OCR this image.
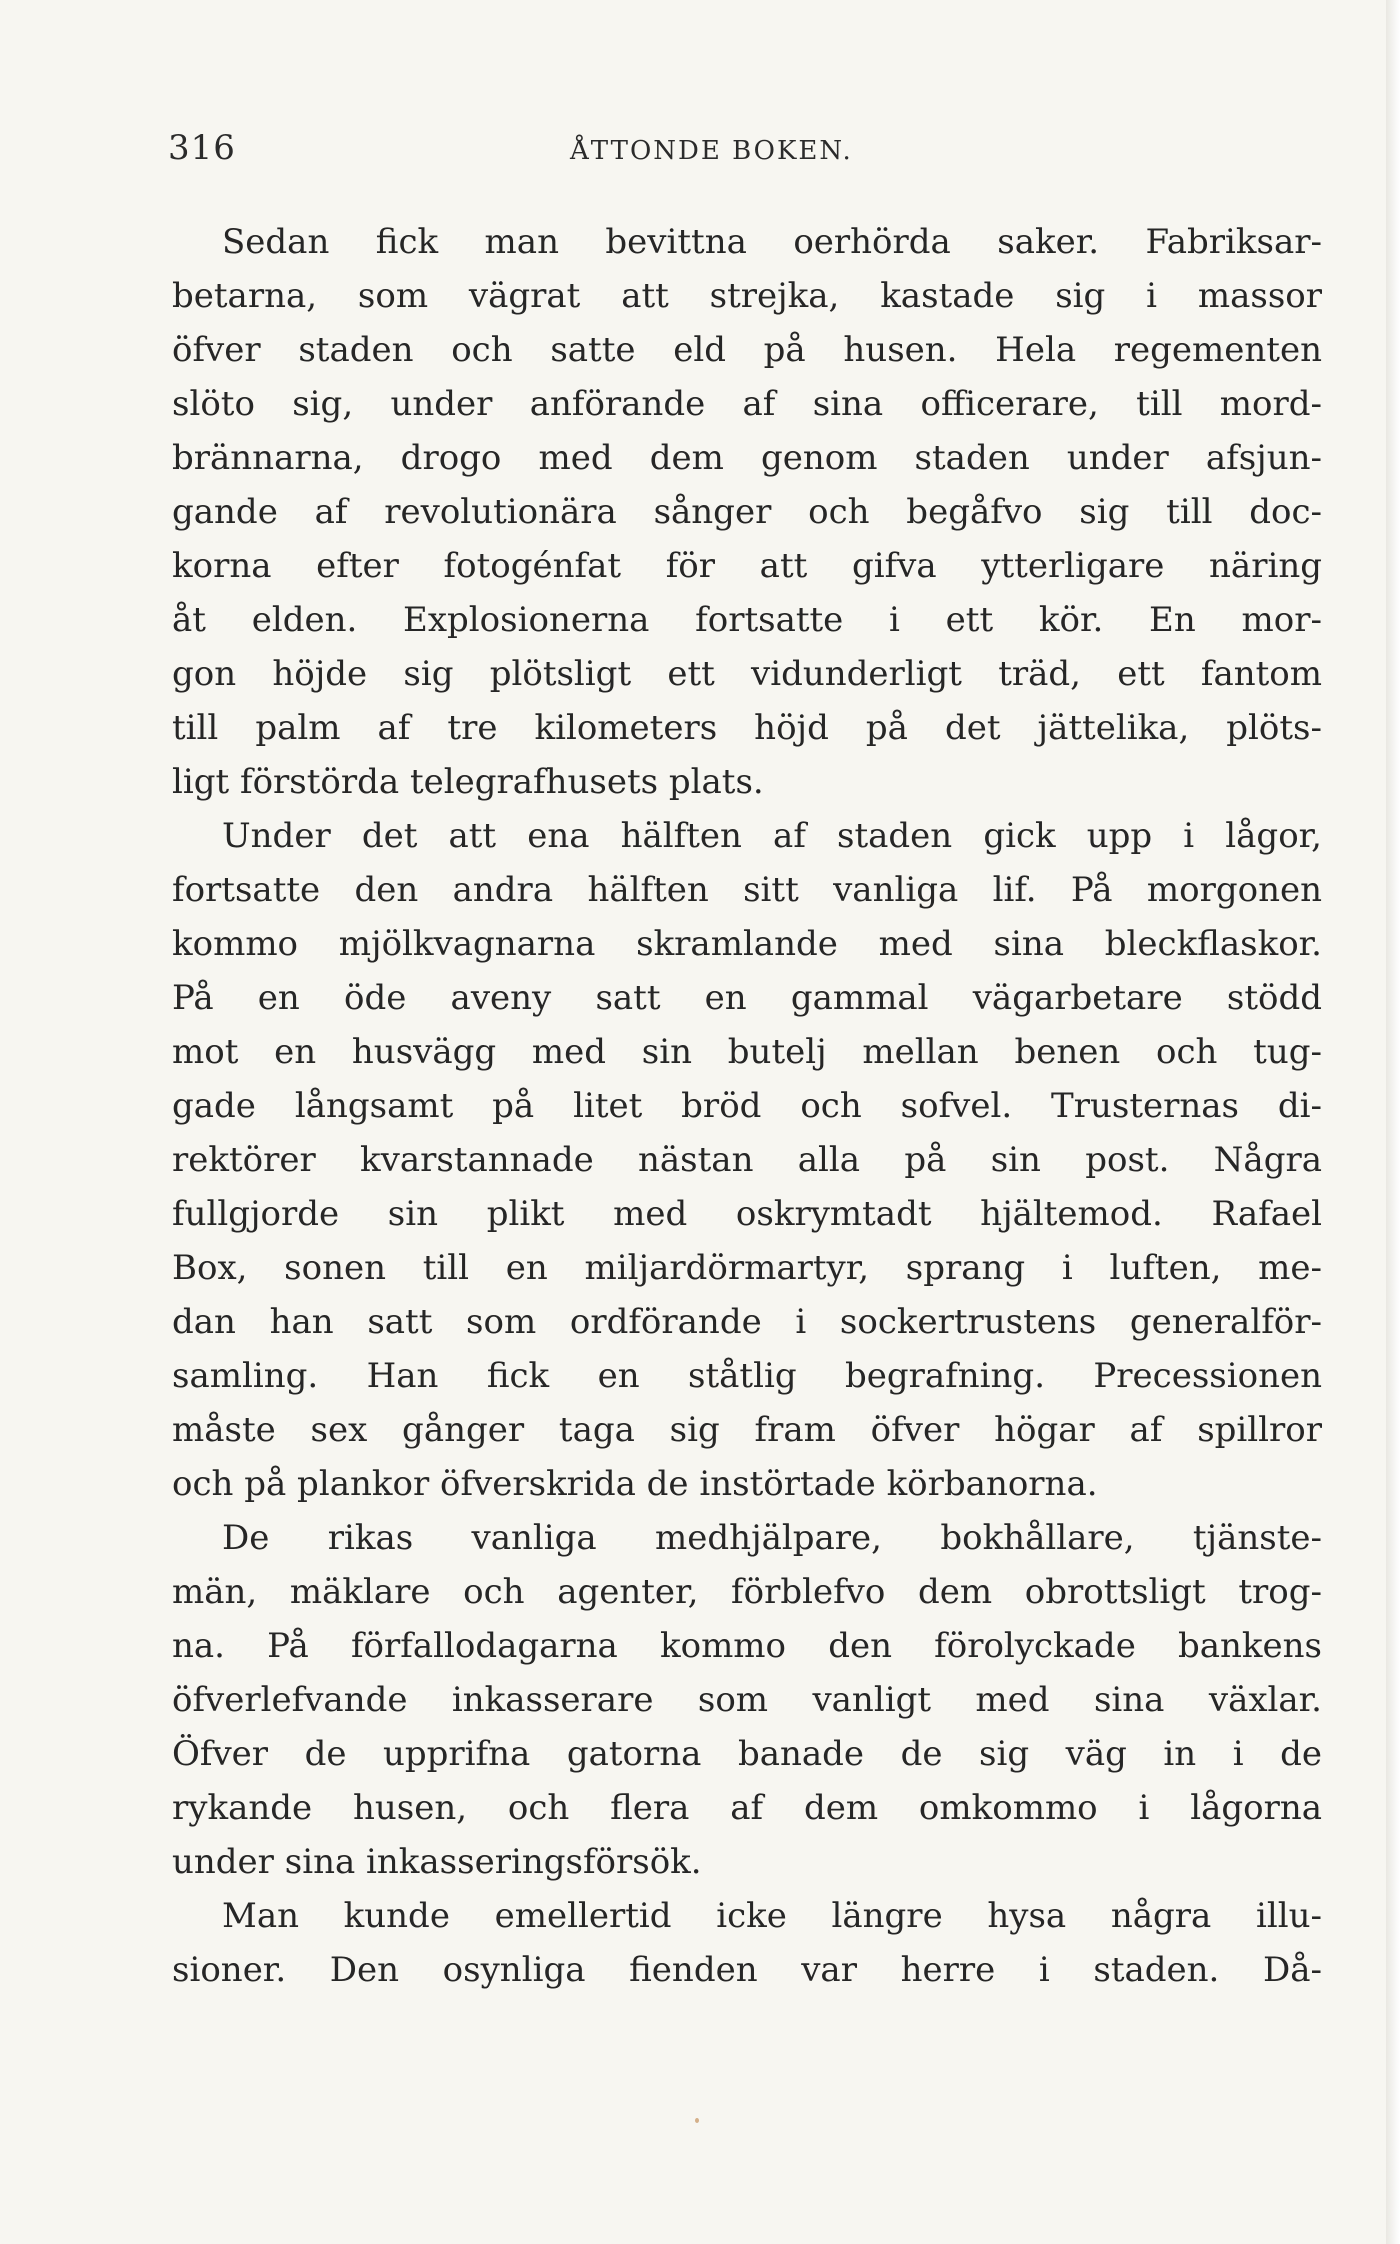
316	ÅTTONDE BOKEN.
Sedan fick man bevittna oerhörda saker. Fabriksar-
betarna, som vägrat att strejka, kastade sig i massor
öfver staden och satte eld på husen. Hela regementen
slöto sig, under anförande af sina officerare, till mord-
brännarna, drogo med dem genom staden under afsjun-
gande af revolutionära sånger och begåfvo sig till doc-
korna efter fotogénfat för att gifva ytterligare näring
åt elden. Explosionerna fortsatte i ett kör. En mor-
gon höjde sig plötsligt ett vidunderligt träd, ett fantom
till palm af tre kilometers höjd på det jättelika, plöts-
ligt förstörda telegrafhusets plats.
Under det att ena hälften af staden gick upp i lågor,
fortsatte den andra hälften sitt vanliga lif. På morgonen
kommo mjölkvagnarna skramlande med sina bleckflaskor.
På en öde aveny satt en gammal vägarbetare stödd
mot en husvägg med sin butelj mellan benen och tug-
gade långsamt på litet bröd och sofvel. Trusternas di-
rektörer kvarstannade nästan alla på sin post. Några
fullgjorde sin plikt med oskrymtadt hjältemod. Rafael
Box, sonen till en miljardörmartyr, sprang i luften, me-
dan han satt som ordförande i sockertrustens generalför-
samling. Han fick en ståtlig begrafning. Precessionen
måste sex gånger taga sig fram öfver högar af spillror
och på plankor öfverskrida de instörtade körbanorna.
De rikas vanliga medhjälpare, bokhållare, tjänste-
män, mäklare och agenter, förblefvo dem obrottsligt trog-
na. På förfallodagarna kommo den förolyckade bankens
öfverlefvande inkasserare som vanligt med sina växlar.
Öfver de upprifna gatorna banade de sig väg in i de
rykande husen, och flera af dem omkommo i lågorna
under sina inkasseringsförsök.
Man kunde emellertid icke längre hysa några illu-
sioner. Den osynliga fienden var herre i staden. Då-
